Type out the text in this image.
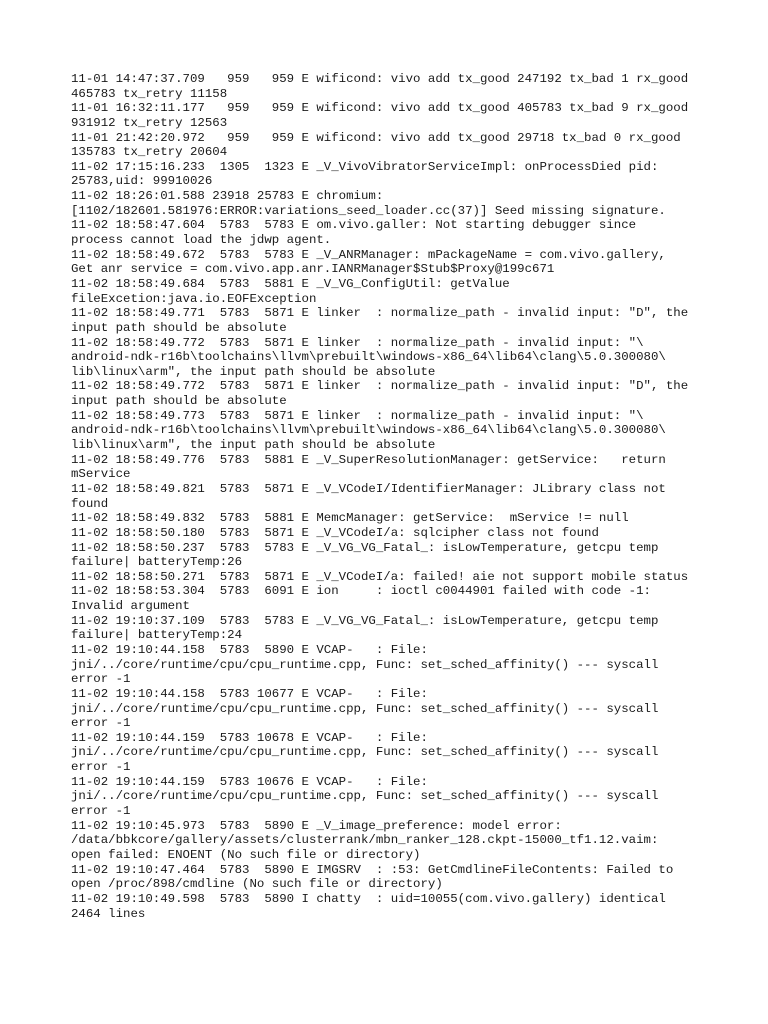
11-01 14:47:37.709   959   959 E wificond: vivo add tx_good 247192 tx_bad 1 rx_good
465783 tx_retry 11158
11-01 16:32:11.177   959   959 E wificond: vivo add tx_good 405783 tx_bad 9 rx_good
931912 tx_retry 12563
11-01 21:42:20.972   959   959 E wificond: vivo add tx_good 29718 tx_bad 0 rx_good
135783 tx_retry 20604
11-02 17:15:16.233  1305  1323 E _V_VivoVibratorServiceImpl: onProcessDied pid:
25783,uid: 99910026
11-02 18:26:01.588 23918 25783 E chromium:
[1102/182601.581976:ERROR:variations_seed_loader.cc(37)] Seed missing signature.
11-02 18:58:47.604  5783  5783 E om.vivo.galler: Not starting debugger since
process cannot load the jdwp agent.
11-02 18:58:49.672  5783  5783 E _V_ANRManager: mPackageName = com.vivo.gallery,
Get anr service = com.vivo.app.anr.IANRManager$Stub$Proxy@199c671
11-02 18:58:49.684  5783  5881 E _V_VG_ConfigUtil: getValue
fileExcetion:java.io.EOFException
11-02 18:58:49.771  5783  5871 E linker  : normalize_path - invalid input: "D", the
input path should be absolute
11-02 18:58:49.772  5783  5871 E linker  : normalize_path - invalid input: "\
android-ndk-r16b\toolchains\llvm\prebuilt\windows-x86_64\lib64\clang\5.0.300080\
lib\linux\arm", the input path should be absolute
11-02 18:58:49.772  5783  5871 E linker  : normalize_path - invalid input: "D", the
input path should be absolute
11-02 18:58:49.773  5783  5871 E linker  : normalize_path - invalid input: "\
android-ndk-r16b\toolchains\llvm\prebuilt\windows-x86_64\lib64\clang\5.0.300080\
lib\linux\arm", the input path should be absolute
11-02 18:58:49.776  5783  5881 E _V_SuperResolutionManager: getService:   return
mService
11-02 18:58:49.821  5783  5871 E _V_VCodeI/IdentifierManager: JLibrary class not
found
11-02 18:58:49.832  5783  5881 E MemcManager: getService:  mService != null
11-02 18:58:50.180  5783  5871 E _V_VCodeI/a: sqlcipher class not found
11-02 18:58:50.237  5783  5783 E _V_VG_VG_Fatal_: isLowTemperature, getcpu temp
failure| batteryTemp:26
11-02 18:58:50.271  5783  5871 E _V_VCodeI/a: failed! aie not support mobile status
11-02 18:58:53.304  5783  6091 E ion     : ioctl c0044901 failed with code -1:
Invalid argument
11-02 19:10:37.109  5783  5783 E _V_VG_VG_Fatal_: isLowTemperature, getcpu temp
failure| batteryTemp:24
11-02 19:10:44.158  5783  5890 E VCAP-   : File:
jni/../core/runtime/cpu/cpu_runtime.cpp, Func: set_sched_affinity() --- syscall
error -1
11-02 19:10:44.158  5783 10677 E VCAP-   : File:
jni/../core/runtime/cpu/cpu_runtime.cpp, Func: set_sched_affinity() --- syscall
error -1
11-02 19:10:44.159  5783 10678 E VCAP-   : File:
jni/../core/runtime/cpu/cpu_runtime.cpp, Func: set_sched_affinity() --- syscall
error -1
11-02 19:10:44.159  5783 10676 E VCAP-   : File:
jni/../core/runtime/cpu/cpu_runtime.cpp, Func: set_sched_affinity() --- syscall
error -1
11-02 19:10:45.973  5783  5890 E _V_image_preference: model error:
/data/bbkcore/gallery/assets/clusterrank/mbn_ranker_128.ckpt-15000_tf1.12.vaim:
open failed: ENOENT (No such file or directory)
11-02 19:10:47.464  5783  5890 E IMGSRV  : :53: GetCmdlineFileContents: Failed to
open /proc/898/cmdline (No such file or directory)
11-02 19:10:49.598  5783  5890 I chatty  : uid=10055(com.vivo.gallery) identical
2464 lines
